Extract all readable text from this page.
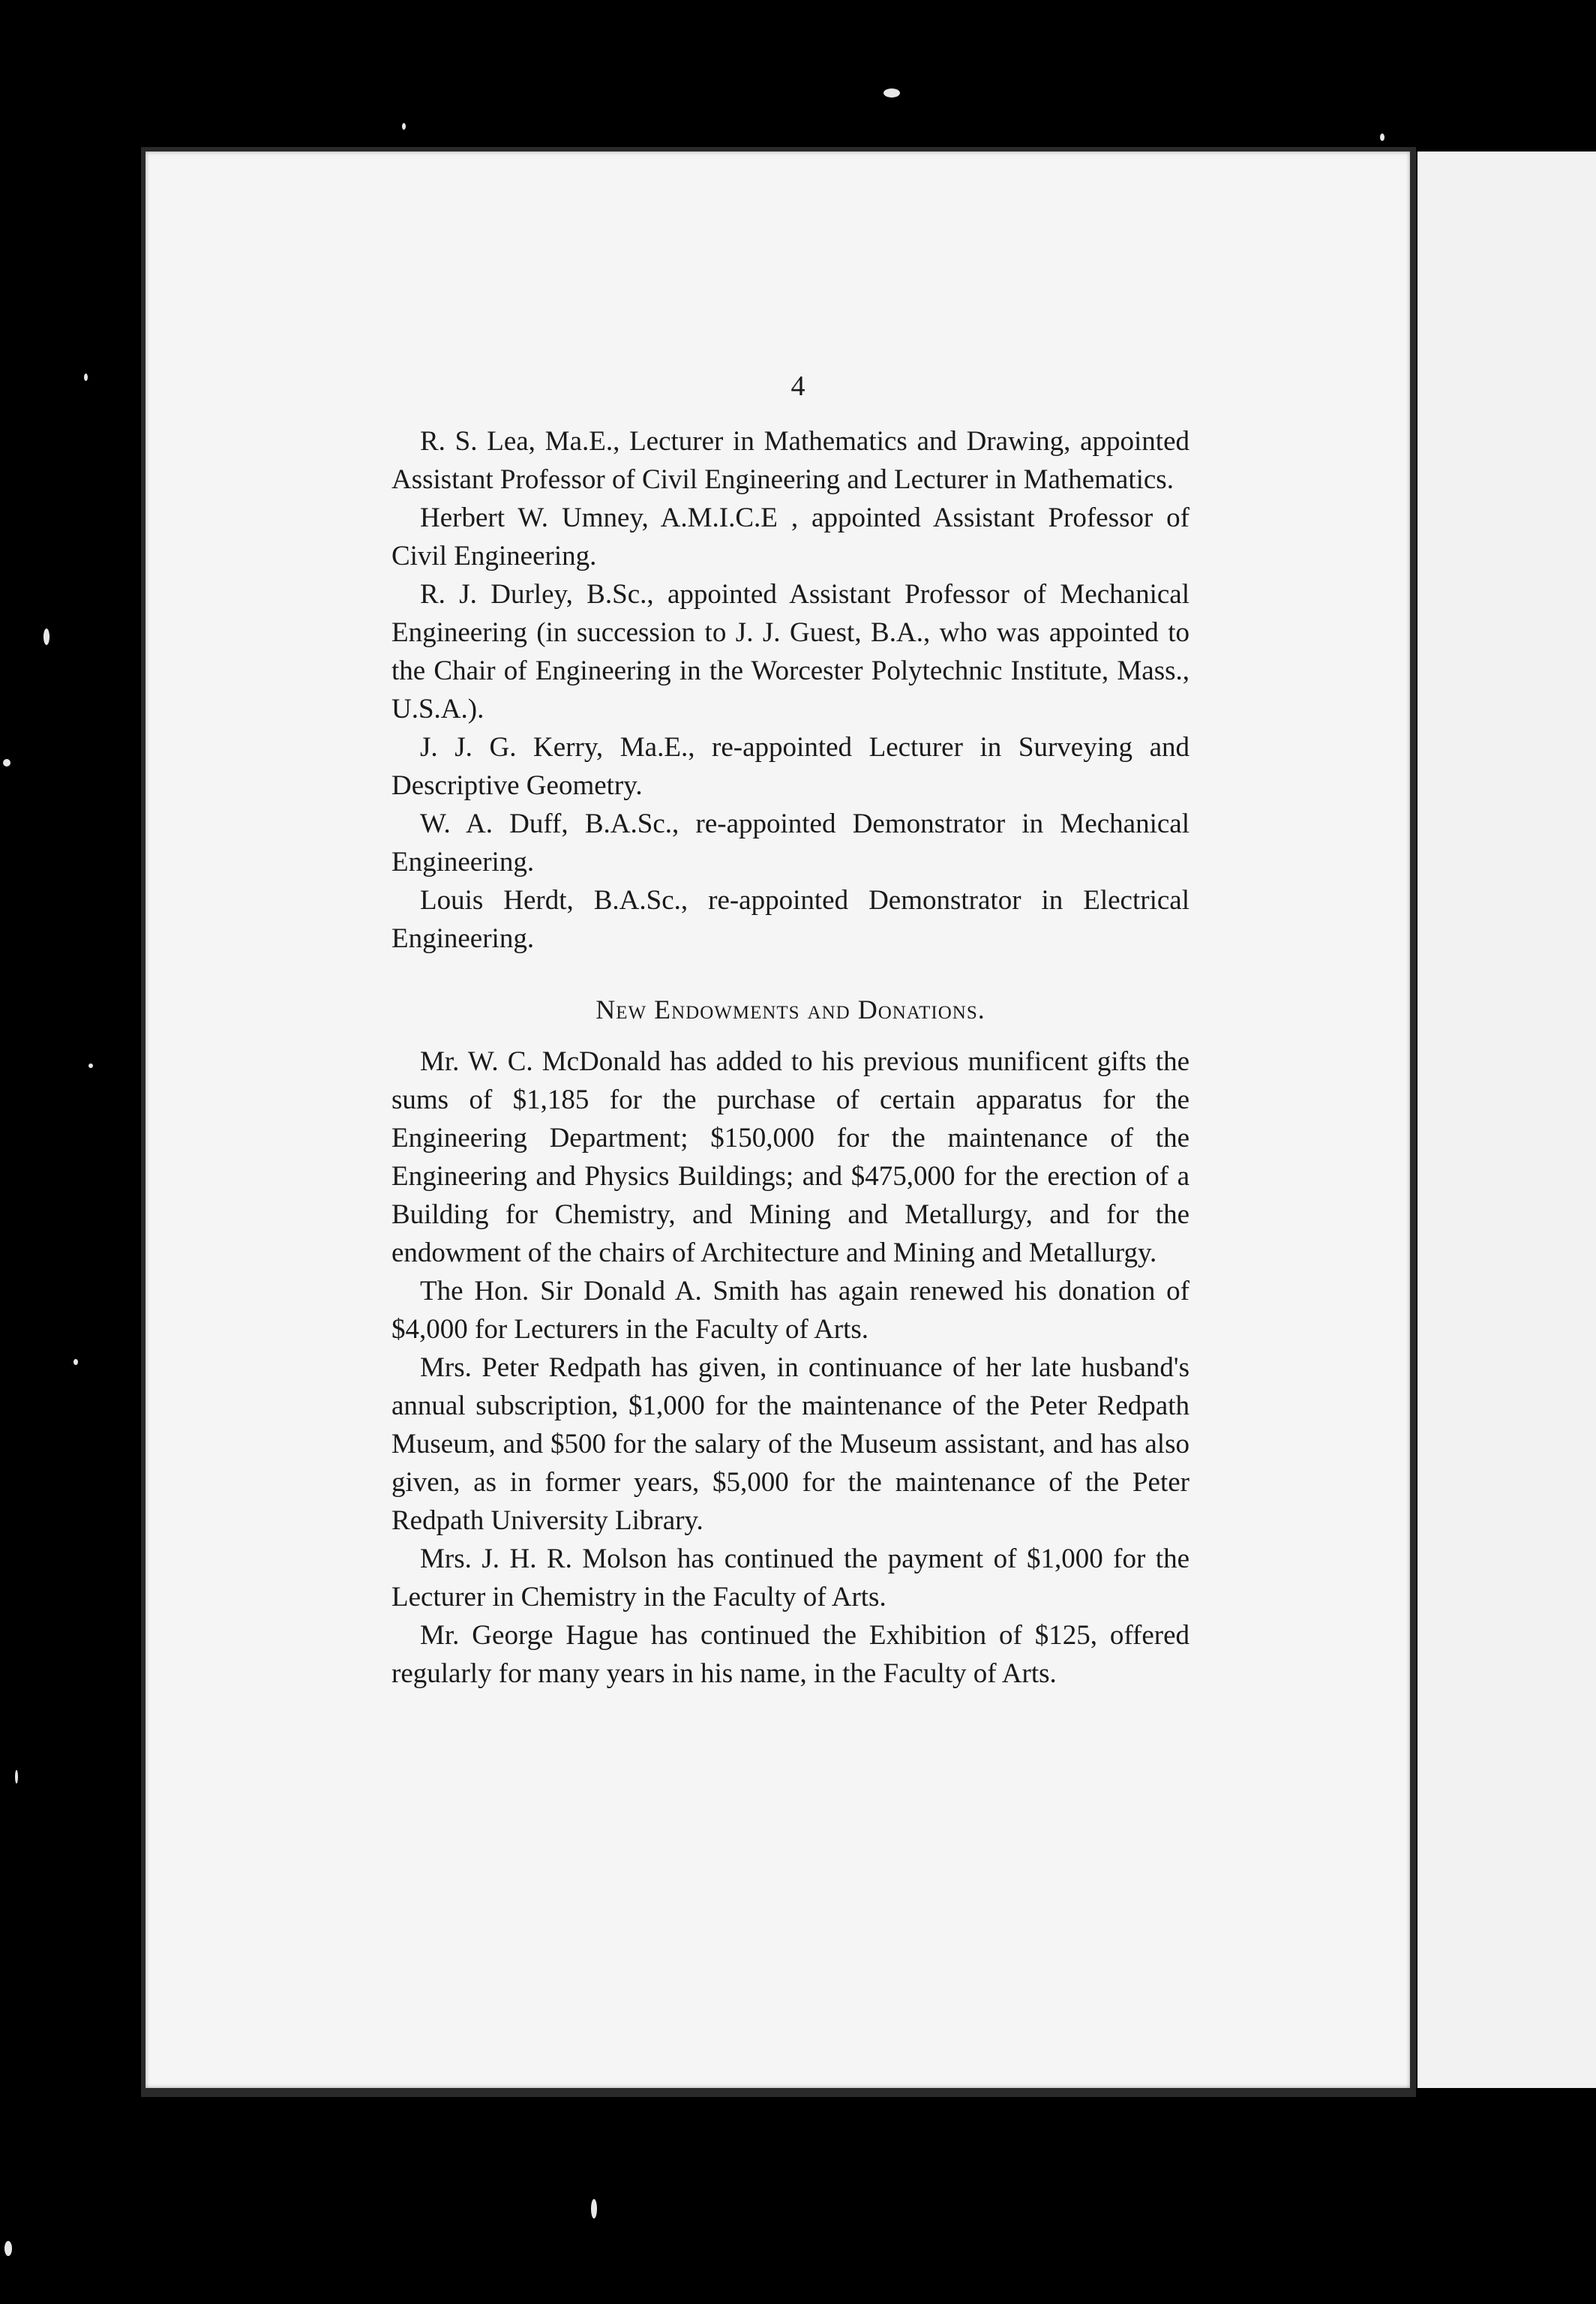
4

R. S. Lea, Ma.E., Lecturer in Mathematics and Drawing, appointed Assistant Professor of Civil Engineering and Lecturer in Mathematics.

Herbert W. Umney, A.M.I.C.E , appointed Assistant Professor of Civil Engineering.

R. J. Durley, B.Sc., appointed Assistant Professor of Mechanical Engineering (in succession to J. J. Guest, B.A., who was appointed to the Chair of Engineering in the Worcester Polytechnic Institute, Mass., U.S.A.).

J. J. G. Kerry, Ma.E., re-appointed Lecturer in Surveying and Descriptive Geometry.

W. A. Duff, B.A.Sc., re-appointed Demonstrator in Mechanical Engineering.

Louis Herdt, B.A.Sc., re-appointed Demonstrator in Electrical Engineering.

New Endowments and Donations.

Mr. W. C. McDonald has added to his previous munificent gifts the sums of $1,185 for the purchase of certain apparatus for the Engineering Department; $150,000 for the maintenance of the Engineering and Physics Buildings; and $475,000 for the erection of a Building for Chemistry, and Mining and Metallurgy, and for the endowment of the chairs of Architecture and Mining and Metallurgy.

The Hon. Sir Donald A. Smith has again renewed his donation of $4,000 for Lecturers in the Faculty of Arts.

Mrs. Peter Redpath has given, in continuance of her late husband's annual subscription, $1,000 for the maintenance of the Peter Redpath Museum, and $500 for the salary of the Museum assistant, and has also given, as in former years, $5,000 for the maintenance of the Peter Redpath University Library.

Mrs. J. H. R. Molson has continued the payment of $1,000 for the Lecturer in Chemistry in the Faculty of Arts.

Mr. George Hague has continued the Exhibition of $125, offered regularly for many years in his name, in the Faculty of Arts.
